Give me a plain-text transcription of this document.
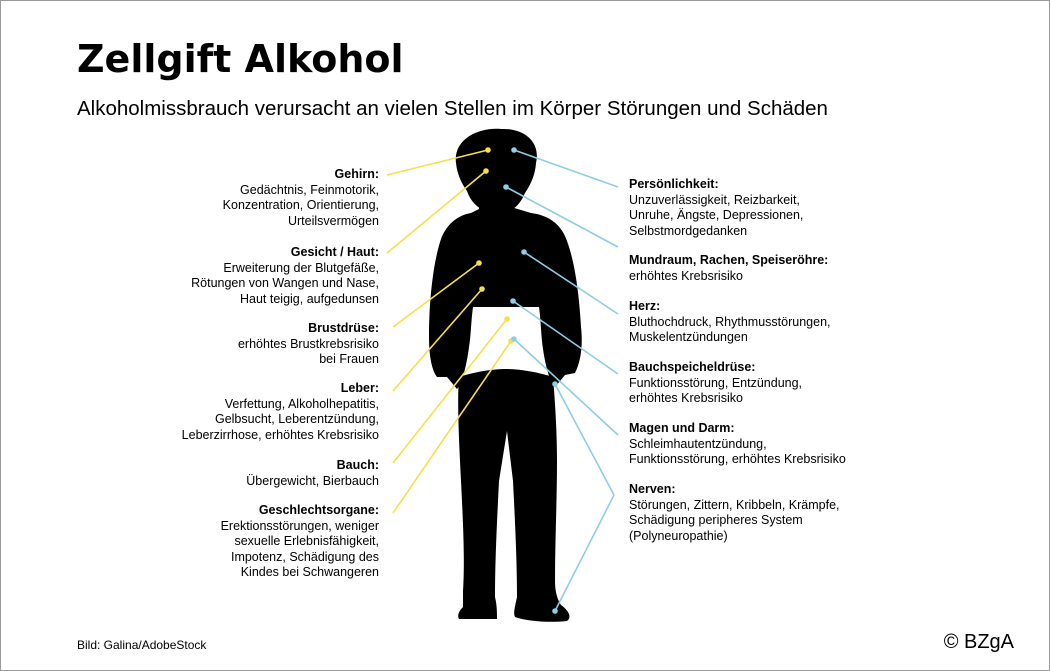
Zellgift Alkohol
Alkoholmissbrauch verursacht an vielen Stellen im Körper Störungen und Schäden
Gehirn:
Gedächtnis, Feinmotorik,
Konzentration, Orientierung,
Urteilsvermögen
Gesicht / Haut:
Erweiterung der Blutgefäße,
Rötungen von Wangen und Nase,
Haut teigig, aufgedunsen
Brustdrüse:
erhöhtes Brustkrebsrisiko
bei Frauen
Leber:
Verfettung, Alkoholhepatitis,
Gelbsucht, Leberentzündung,
Leberzirrhose, erhöhtes Krebsrisiko
Bauch:
Übergewicht, Bierbauch
Geschlechtsorgane:
Erektionsstörungen, weniger
sexuelle Erlebnisfähigkeit,
Impotenz, Schädigung des
Kindes bei Schwangeren
Persönlichkeit:
Unzuverlässigkeit, Reizbarkeit,
Unruhe, Ängste, Depressionen,
Selbstmordgedanken
Mundraum, Rachen, Speiseröhre:
erhöhtes Krebsrisiko
Herz:
Bluthochdruck, Rhythmusstörungen,
Muskelentzündungen
Bauchspeicheldrüse:
Funktionsstörung, Entzündung,
erhöhtes Krebsrisiko
Magen und Darm:
Schleimhautentzündung,
Funktionsstörung, erhöhtes Krebsrisiko
Nerven:
Störungen, Zittern, Kribbeln, Krämpfe,
Schädigung peripheres System
(Polyneuropathie)
Bild: Galina/AdobeStock	© BZgA
